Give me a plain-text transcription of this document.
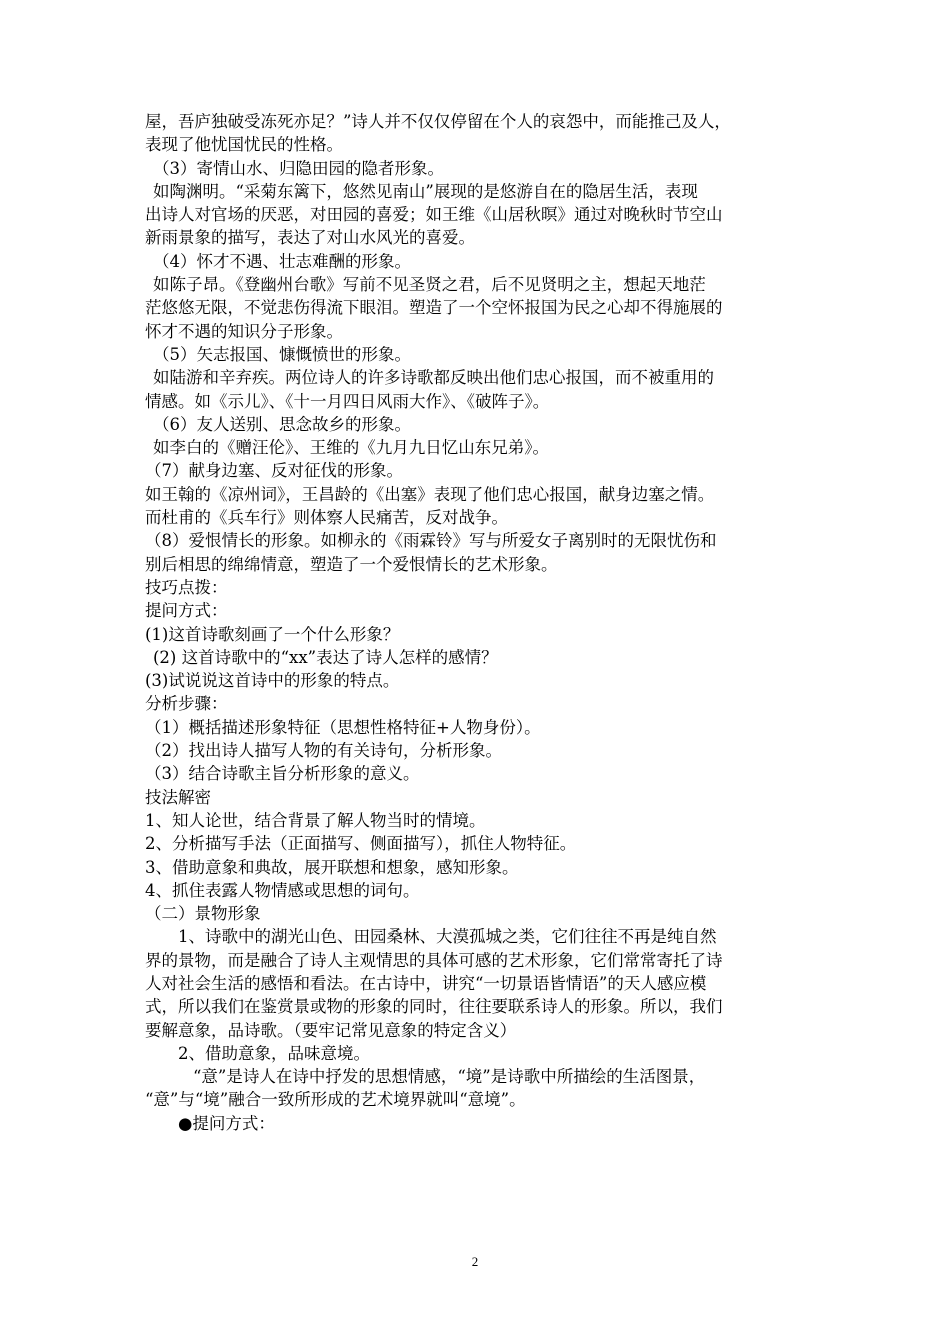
屋，吾庐独破受冻死亦足？”诗人并不仅仅停留在个人的哀怨中，而能推己及人，
表现了他忧国忧民的性格。
（3）寄情山水、归隐田园的隐者形象。
如陶渊明。“采菊东篱下，悠然见南山”展现的是悠游自在的隐居生活，表现
出诗人对官场的厌恶，对田园的喜爱；如王维《山居秋暝》通过对晚秋时节空山
新雨景象的描写，表达了对山水风光的喜爱。
（4）怀才不遇、壮志难酬的形象。
如陈子昂。《登幽州台歌》写前不见圣贤之君，后不见贤明之主，想起天地茫
茫悠悠无限，不觉悲伤得流下眼泪。塑造了一个空怀报国为民之心却不得施展的
怀才不遇的知识分子形象。
（5）矢志报国、慷慨愤世的形象。
如陆游和辛弃疾。两位诗人的许多诗歌都反映出他们忠心报国，而不被重用的
情感。如《示儿》、《十一月四日风雨大作》、《破阵子》。
（6）友人送别、思念故乡的形象。
如李白的《赠汪伦》、王维的《九月九日忆山东兄弟》。
（7）献身边塞、反对征伐的形象。
如王翰的《凉州词》，王昌龄的《出塞》表现了他们忠心报国，献身边塞之情。
而杜甫的《兵车行》则体察人民痛苦，反对战争。
（8）爱恨情长的形象。如柳永的《雨霖铃》写与所爱女子离别时的无限忧伤和
别后相思的绵绵情意，塑造了一个爱恨情长的艺术形象。
技巧点拨：
提问方式：
(1)这首诗歌刻画了一个什么形象？
(2) 这首诗歌中的“xx”表达了诗人怎样的感情？
(3)试说说这首诗中的形象的特点。
分析步骤：
（1）概括描述形象特征（思想性格特征+人物身份）。
（2）找出诗人描写人物的有关诗句，分析形象。
（3）结合诗歌主旨分析形象的意义。
技法解密
1、知人论世，结合背景了解人物当时的情境。
2、分析描写手法（正面描写、侧面描写），抓住人物特征。
3、借助意象和典故，展开联想和想象，感知形象。
4、抓住表露人物情感或思想的词句。
（二）景物形象
1、诗歌中的湖光山色、田园桑林、大漠孤城之类，它们往往不再是纯自然
界的景物，而是融合了诗人主观情思的具体可感的艺术形象，它们常常寄托了诗
人对社会生活的感悟和看法。在古诗中，讲究“一切景语皆情语”的天人感应模
式，所以我们在鉴赏景或物的形象的同时，往往要联系诗人的形象。所以，我们
要解意象，品诗歌。（要牢记常见意象的特定含义）
2、借助意象，品味意境。
“意”是诗人在诗中抒发的思想情感，“境”是诗歌中所描绘的生活图景，
“意”与“境”融合一致所形成的艺术境界就叫“意境”。
●提问方式：
2
